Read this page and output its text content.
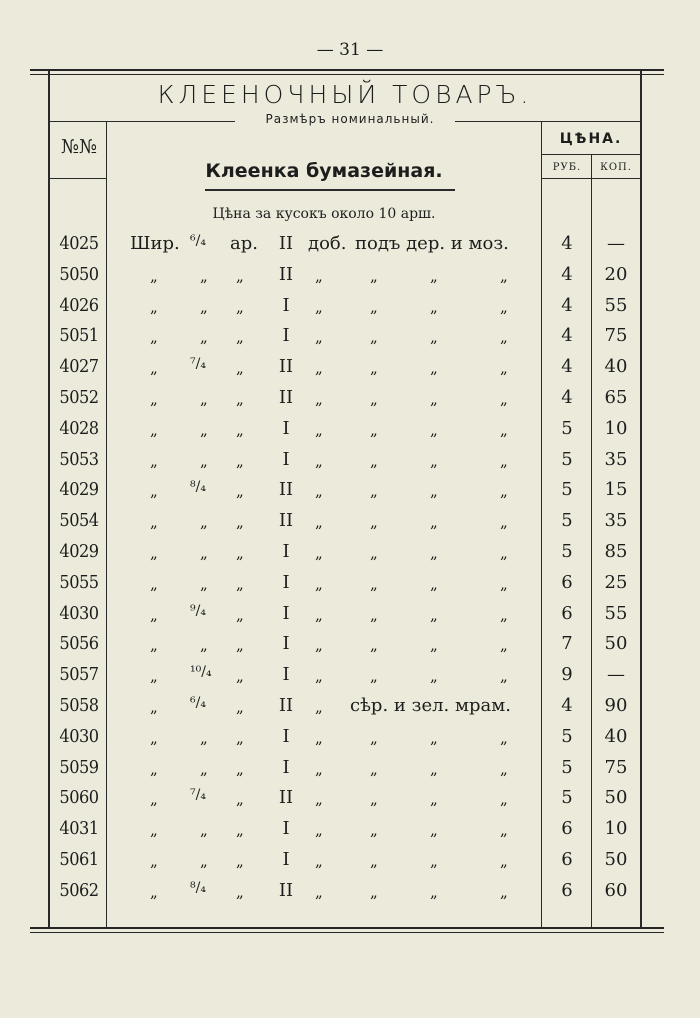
— 31 —
КЛЕЕНОЧНЫЙ ТОВАРЪ.
Размѣръ номинальный.
№№	ЦѢНА.
РУБ.	КОП.
Клеенка бумазейная.
Цѣна за кусокъ около 10 арш.
4025	Шир. ⁶/₄ ар.	II доб. подъ дер. и моз.	4	—
5050	„	„ „	II	„	„	„	„	4	20
4026	„	„ „	I	„	„	„	„	4	55
5051	„	„ „	I	„	„	„	„	4	75
4027	„ ⁷/₄ „	II	„	„	„	„	4	40
5052	„	„ „	II	„	„	„	„	4	65
4028	„	„ „	I	„	„	„	„	5	10
5053	„	„ „	I	„	„	„	„	5	35
4029	„ ⁸/₄ „	II	„	„	„	„	5	15
5054	„	„ „	II	„	„	„	„	5	35
4029	„	„ „	I	„	„	„	„	5	85
5055	„	„ „	I	„	„	„	„	6	25
4030	„ ⁹/₄ „	I	„	„	„	„	6	55
5056	„	„ „	I	„	„	„	„	7	50
5057	„ ¹⁰/₄ „	I	„	„	„	„	9	—
5058	„ ⁶/₄ „	II	„ сѣр. и зел. мрам.	4	90
4030	„	„ „	I	„	„	„	„	5	40
5059	„	„ „	I	„	„	„	„	5	75
5060	„ ⁷/₄ „	II	„	„	„	„	5	50
4031	„	„ „	I	„	„	„	„	6	10
5061	„	„ „	I	„	„	„	„	6	50
5062	„ ⁸/₄ „	II	„	„	„	„	6	60
